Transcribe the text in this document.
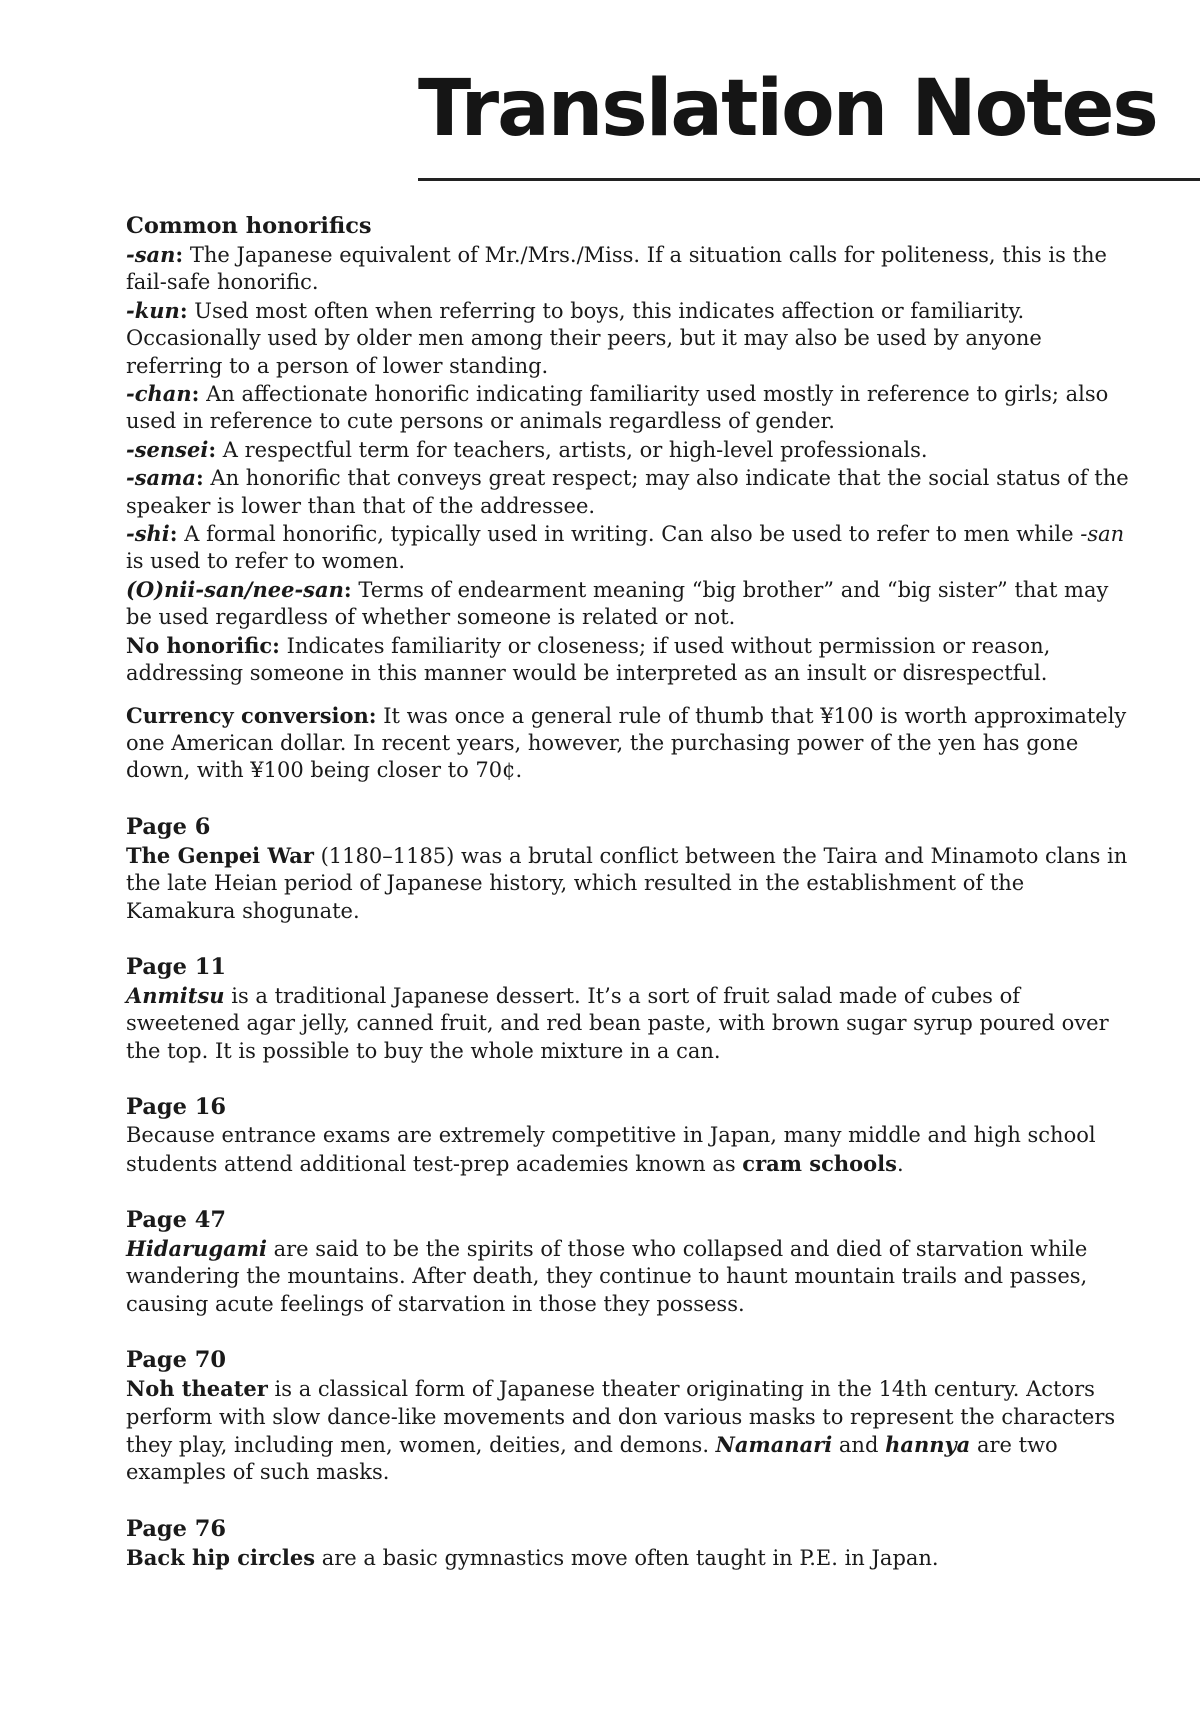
Translation Notes
Common honorifics

-san: The Japanese equivalent of Mr./Mrs./Miss. If a situation calls for politeness, this is the fail-safe honorific.

-kun: Used most often when referring to boys, this indicates affection or familiarity. Occasionally used by older men among their peers, but it may also be used by anyone referring to a person of lower standing.

-chan: An affectionate honorific indicating familiarity used mostly in reference to girls; also used in reference to cute persons or animals regardless of gender.

-sensei: A respectful term for teachers, artists, or high-level professionals.

-sama: An honorific that conveys great respect; may also indicate that the social status of the speaker is lower than that of the addressee.

-shi: A formal honorific, typically used in writing. Can also be used to refer to men while -san is used to refer to women.

(O)nii-san/nee-san: Terms of endearment meaning “big brother” and “big sister” that may be used regardless of whether someone is related or not.

No honorific: Indicates familiarity or closeness; if used without permission or reason, addressing someone in this manner would be interpreted as an insult or disrespectful.

Currency conversion: It was once a general rule of thumb that ¥100 is worth approximately one American dollar. In recent years, however, the purchasing power of the yen has gone down, with ¥100 being closer to 70¢.

Page 6

The Genpei War (1180–1185) was a brutal conflict between the Taira and Minamoto clans in the late Heian period of Japanese history, which resulted in the establishment of the Kamakura shogunate.

Page 11

Anmitsu is a traditional Japanese dessert. It’s a sort of fruit salad made of cubes of sweetened agar jelly, canned fruit, and red bean paste, with brown sugar syrup poured over the top. It is possible to buy the whole mixture in a can.

Page 16

Because entrance exams are extremely competitive in Japan, many middle and high school students attend additional test-prep academies known as cram schools.

Page 47

Hidarugami are said to be the spirits of those who collapsed and died of starvation while wandering the mountains. After death, they continue to haunt mountain trails and passes, causing acute feelings of starvation in those they possess.

Page 70

Noh theater is a classical form of Japanese theater originating in the 14th century. Actors perform with slow dance-like movements and don various masks to represent the characters they play, including men, women, deities, and demons. Namanari and hannya are two examples of such masks.

Page 76

Back hip circles are a basic gymnastics move often taught in P.E. in Japan.
